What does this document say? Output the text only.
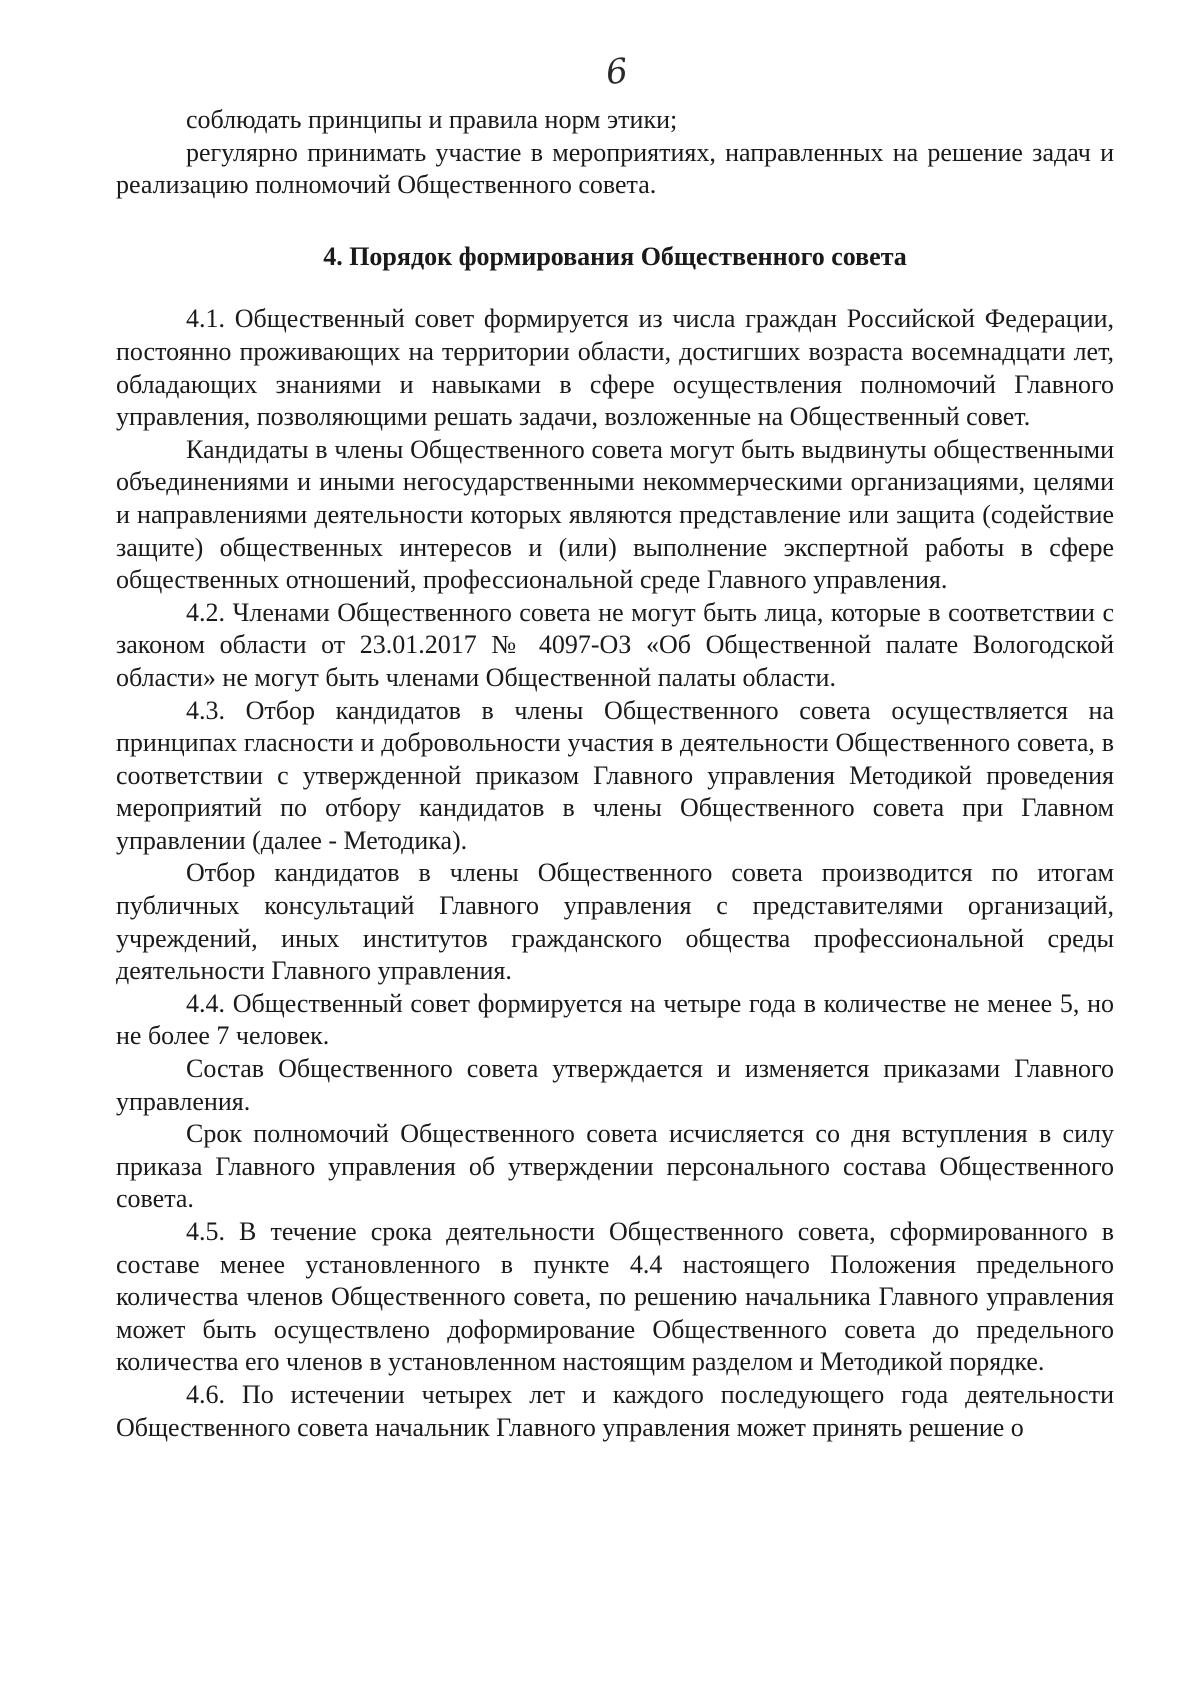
6

соблюдать принципы и правила норм этики;

регулярно принимать участие в мероприятиях, направленных на решение задач и реализацию полномочий Общественного совета.

4. Порядок формирования Общественного совета

4.1. Общественный совет формируется из числа граждан Российской Федерации, постоянно проживающих на территории области, достигших возраста восемнадцати лет, обладающих знаниями и навыками в сфере осуществления полномочий Главного управления, позволяющими решать задачи, возложенные на Общественный совет.

Кандидаты в члены Общественного совета могут быть выдвинуты общественными объединениями и иными негосударственными некоммерческими организациями, целями и направлениями деятельности которых являются представление или защита (содействие защите) общественных интересов и (или) выполнение экспертной работы в сфере общественных отношений, профессиональной среде Главного управления.

4.2. Членами Общественного совета не могут быть лица, которые в соответствии с законом области от 23.01.2017 № 4097-ОЗ «Об Общественной палате Вологодской области» не могут быть членами Общественной палаты области.

4.3. Отбор кандидатов в члены Общественного совета осуществляется на принципах гласности и добровольности участия в деятельности Общественного совета, в соответствии с утвержденной приказом Главного управления Методикой проведения мероприятий по отбору кандидатов в члены Общественного совета при Главном управлении (далее - Методика).

Отбор кандидатов в члены Общественного совета производится по итогам публичных консультаций Главного управления с представителями организаций, учреждений, иных институтов гражданского общества профессиональной среды деятельности Главного управления.

4.4. Общественный совет формируется на четыре года в количестве не менее 5, но не более 7 человек.

Состав Общественного совета утверждается и изменяется приказами Главного управления.

Срок полномочий Общественного совета исчисляется со дня вступления в силу приказа Главного управления об утверждении персонального состава Общественного совета.

4.5. В течение срока деятельности Общественного совета, сформированного в составе менее установленного в пункте 4.4 настоящего Положения предельного количества членов Общественного совета, по решению начальника Главного управления может быть осуществлено доформирование Общественного совета до предельного количества его членов в установленном настоящим разделом и Методикой порядке.

4.6. По истечении четырех лет и каждого последующего года деятельности Общественного совета начальник Главного управления может принять решение о
